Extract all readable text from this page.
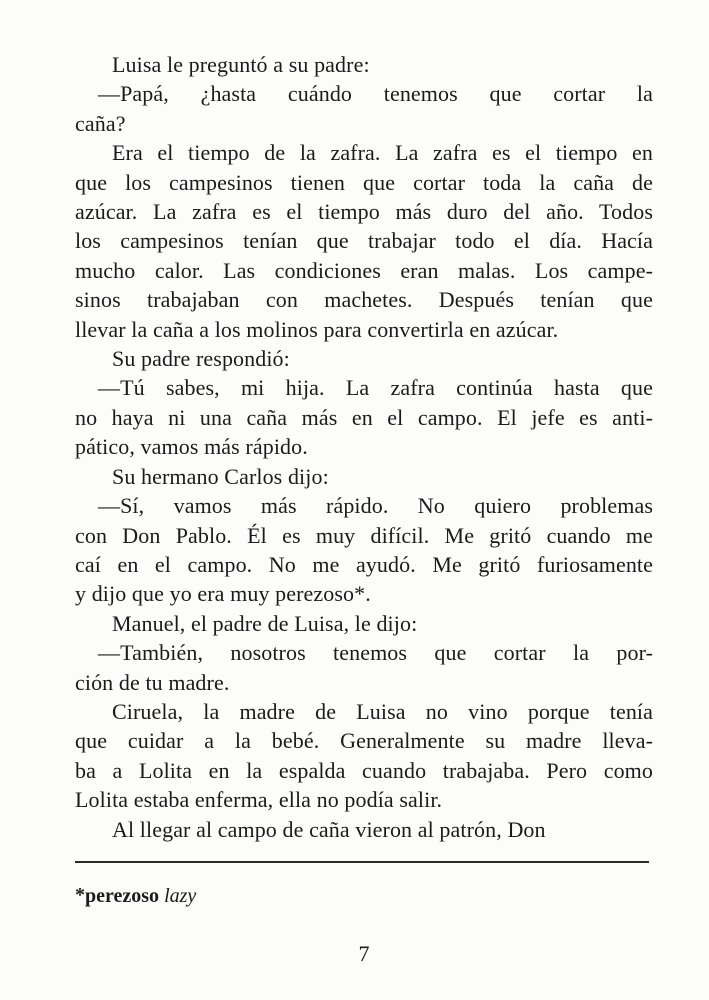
Luisa le preguntó a su padre:
—Papá, ¿hasta cuándo tenemos que cortar la
caña?
Era el tiempo de la zafra. La zafra es el tiempo en
que los campesinos tienen que cortar toda la caña de
azúcar. La zafra es el tiempo más duro del año. Todos
los campesinos tenían que trabajar todo el día. Hacía
mucho calor. Las condiciones eran malas. Los campe-
sinos trabajaban con machetes. Después tenían que
llevar la caña a los molinos para convertirla en azúcar.
Su padre respondió:
—Tú sabes, mi hija. La zafra continúa hasta que
no haya ni una caña más en el campo. El jefe es anti-
pático, vamos más rápido.
Su hermano Carlos dijo:
—Sí, vamos más rápido. No quiero problemas
con Don Pablo. Él es muy difícil. Me gritó cuando me
caí en el campo. No me ayudó. Me gritó furiosamente
y dijo que yo era muy perezoso*.
Manuel, el padre de Luisa, le dijo:
—También, nosotros tenemos que cortar la por-
ción de tu madre.
Ciruela, la madre de Luisa no vino porque tenía
que cuidar a la bebé. Generalmente su madre lleva-
ba a Lolita en la espalda cuando trabajaba. Pero como
Lolita estaba enferma, ella no podía salir.
Al llegar al campo de caña vieron al patrón, Don
*perezoso lazy
7
